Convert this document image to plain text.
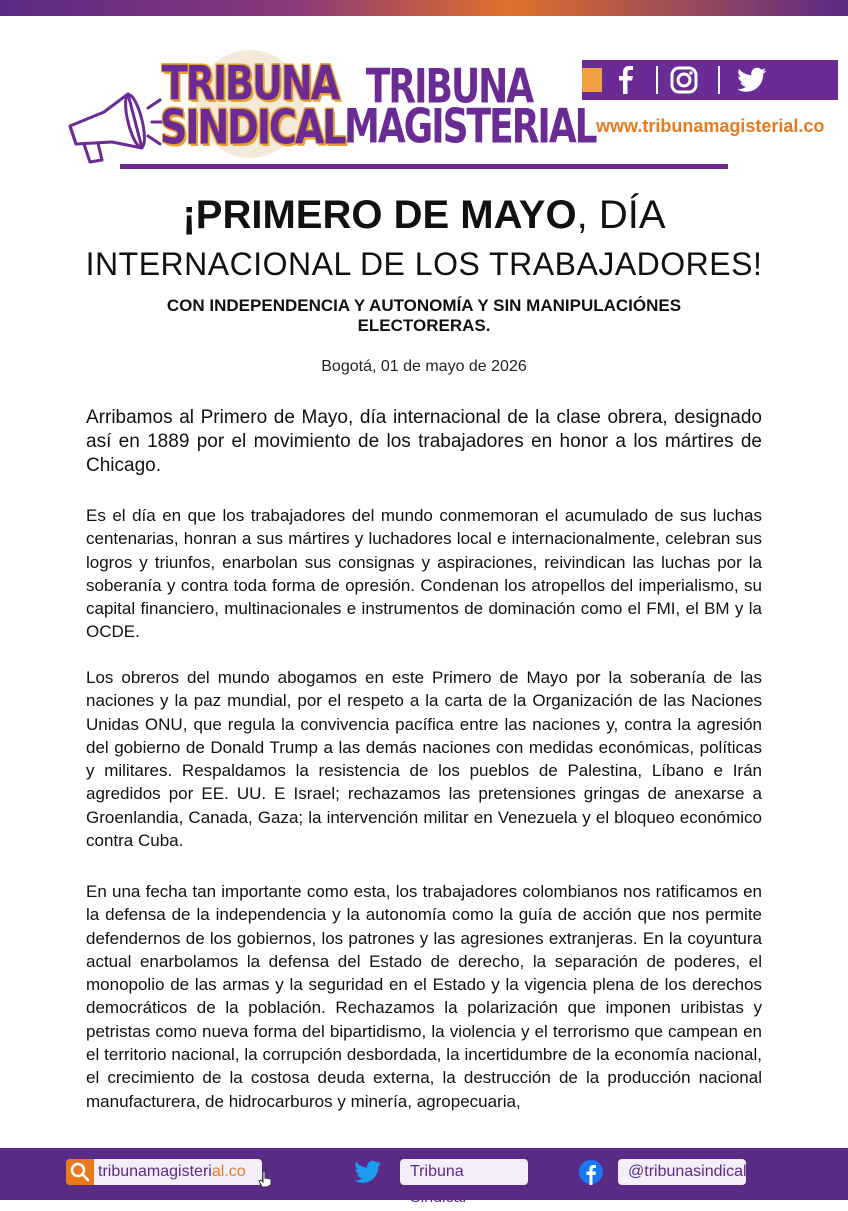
TRIBUNA
SINDICAL
TRIBUNA
MAGISTERIAL www.tribunamagisterial.co
¡PRIMERO DE MAYO, DÍA
INTERNACIONAL DE LOS TRABAJADORES!
CON INDEPENDENCIA Y AUTONOMÍA Y SIN MANIPULACIÓNES ELECTORERAS.
Bogotá, 01 de mayo de 2026

Arribamos al Primero de Mayo, día internacional de la clase obrera, designado así en 1889 por el movimiento de los trabajadores en honor a los mártires de Chicago.

Es el día en que los trabajadores del mundo conmemoran el acumulado de sus luchas centenarias, honran a sus mártires y luchadores local e internacionalmente, celebran sus logros y triunfos, enarbolan sus consignas y aspiraciones, reivindican las luchas por la soberanía y contra toda forma de opresión. Condenan los atropellos del imperialismo, su capital financiero, multinacionales e instrumentos de dominación como el FMI, el BM y la OCDE.

Los obreros del mundo abogamos en este Primero de Mayo por la soberanía de las naciones y la paz mundial, por el respeto a la carta de la Organización de las Naciones Unidas ONU, que regula la convivencia pacífica entre las naciones y, contra la agresión del gobierno de Donald Trump a las demás naciones con medidas económicas, políticas y militares. Respaldamos la resistencia de los pueblos de Palestina, Líbano e Irán agredidos por EE. UU. E Israel; rechazamos las pretensiones gringas de anexarse a Groenlandia, Canada, Gaza; la intervención militar en Venezuela y el bloqueo económico contra Cuba.

En una fecha tan importante como esta, los trabajadores colombianos nos ratificamos en la defensa de la independencia y la autonomía como la guía de acción que nos permite defendernos de los gobiernos, los patrones y las agresiones extranjeras. En la coyuntura actual enarbolamos la defensa del Estado de derecho, la separación de poderes, el monopolio de las armas y la seguridad en el Estado y la vigencia plena de los derechos democráticos de la población. Rechazamos la polarización que imponen uribistas y petristas como nueva forma del bipartidismo, la violencia y el terrorismo que campean en el territorio nacional, la corrupción desbordada, la incertidumbre de la economía nacional, el crecimiento de la costosa deuda externa, la destrucción de la producción nacional manufacturera, de hidrocarburos y minería, agropecuaria,

tribunamagisterial.co	Tribuna Sindical
@tribunasindical
